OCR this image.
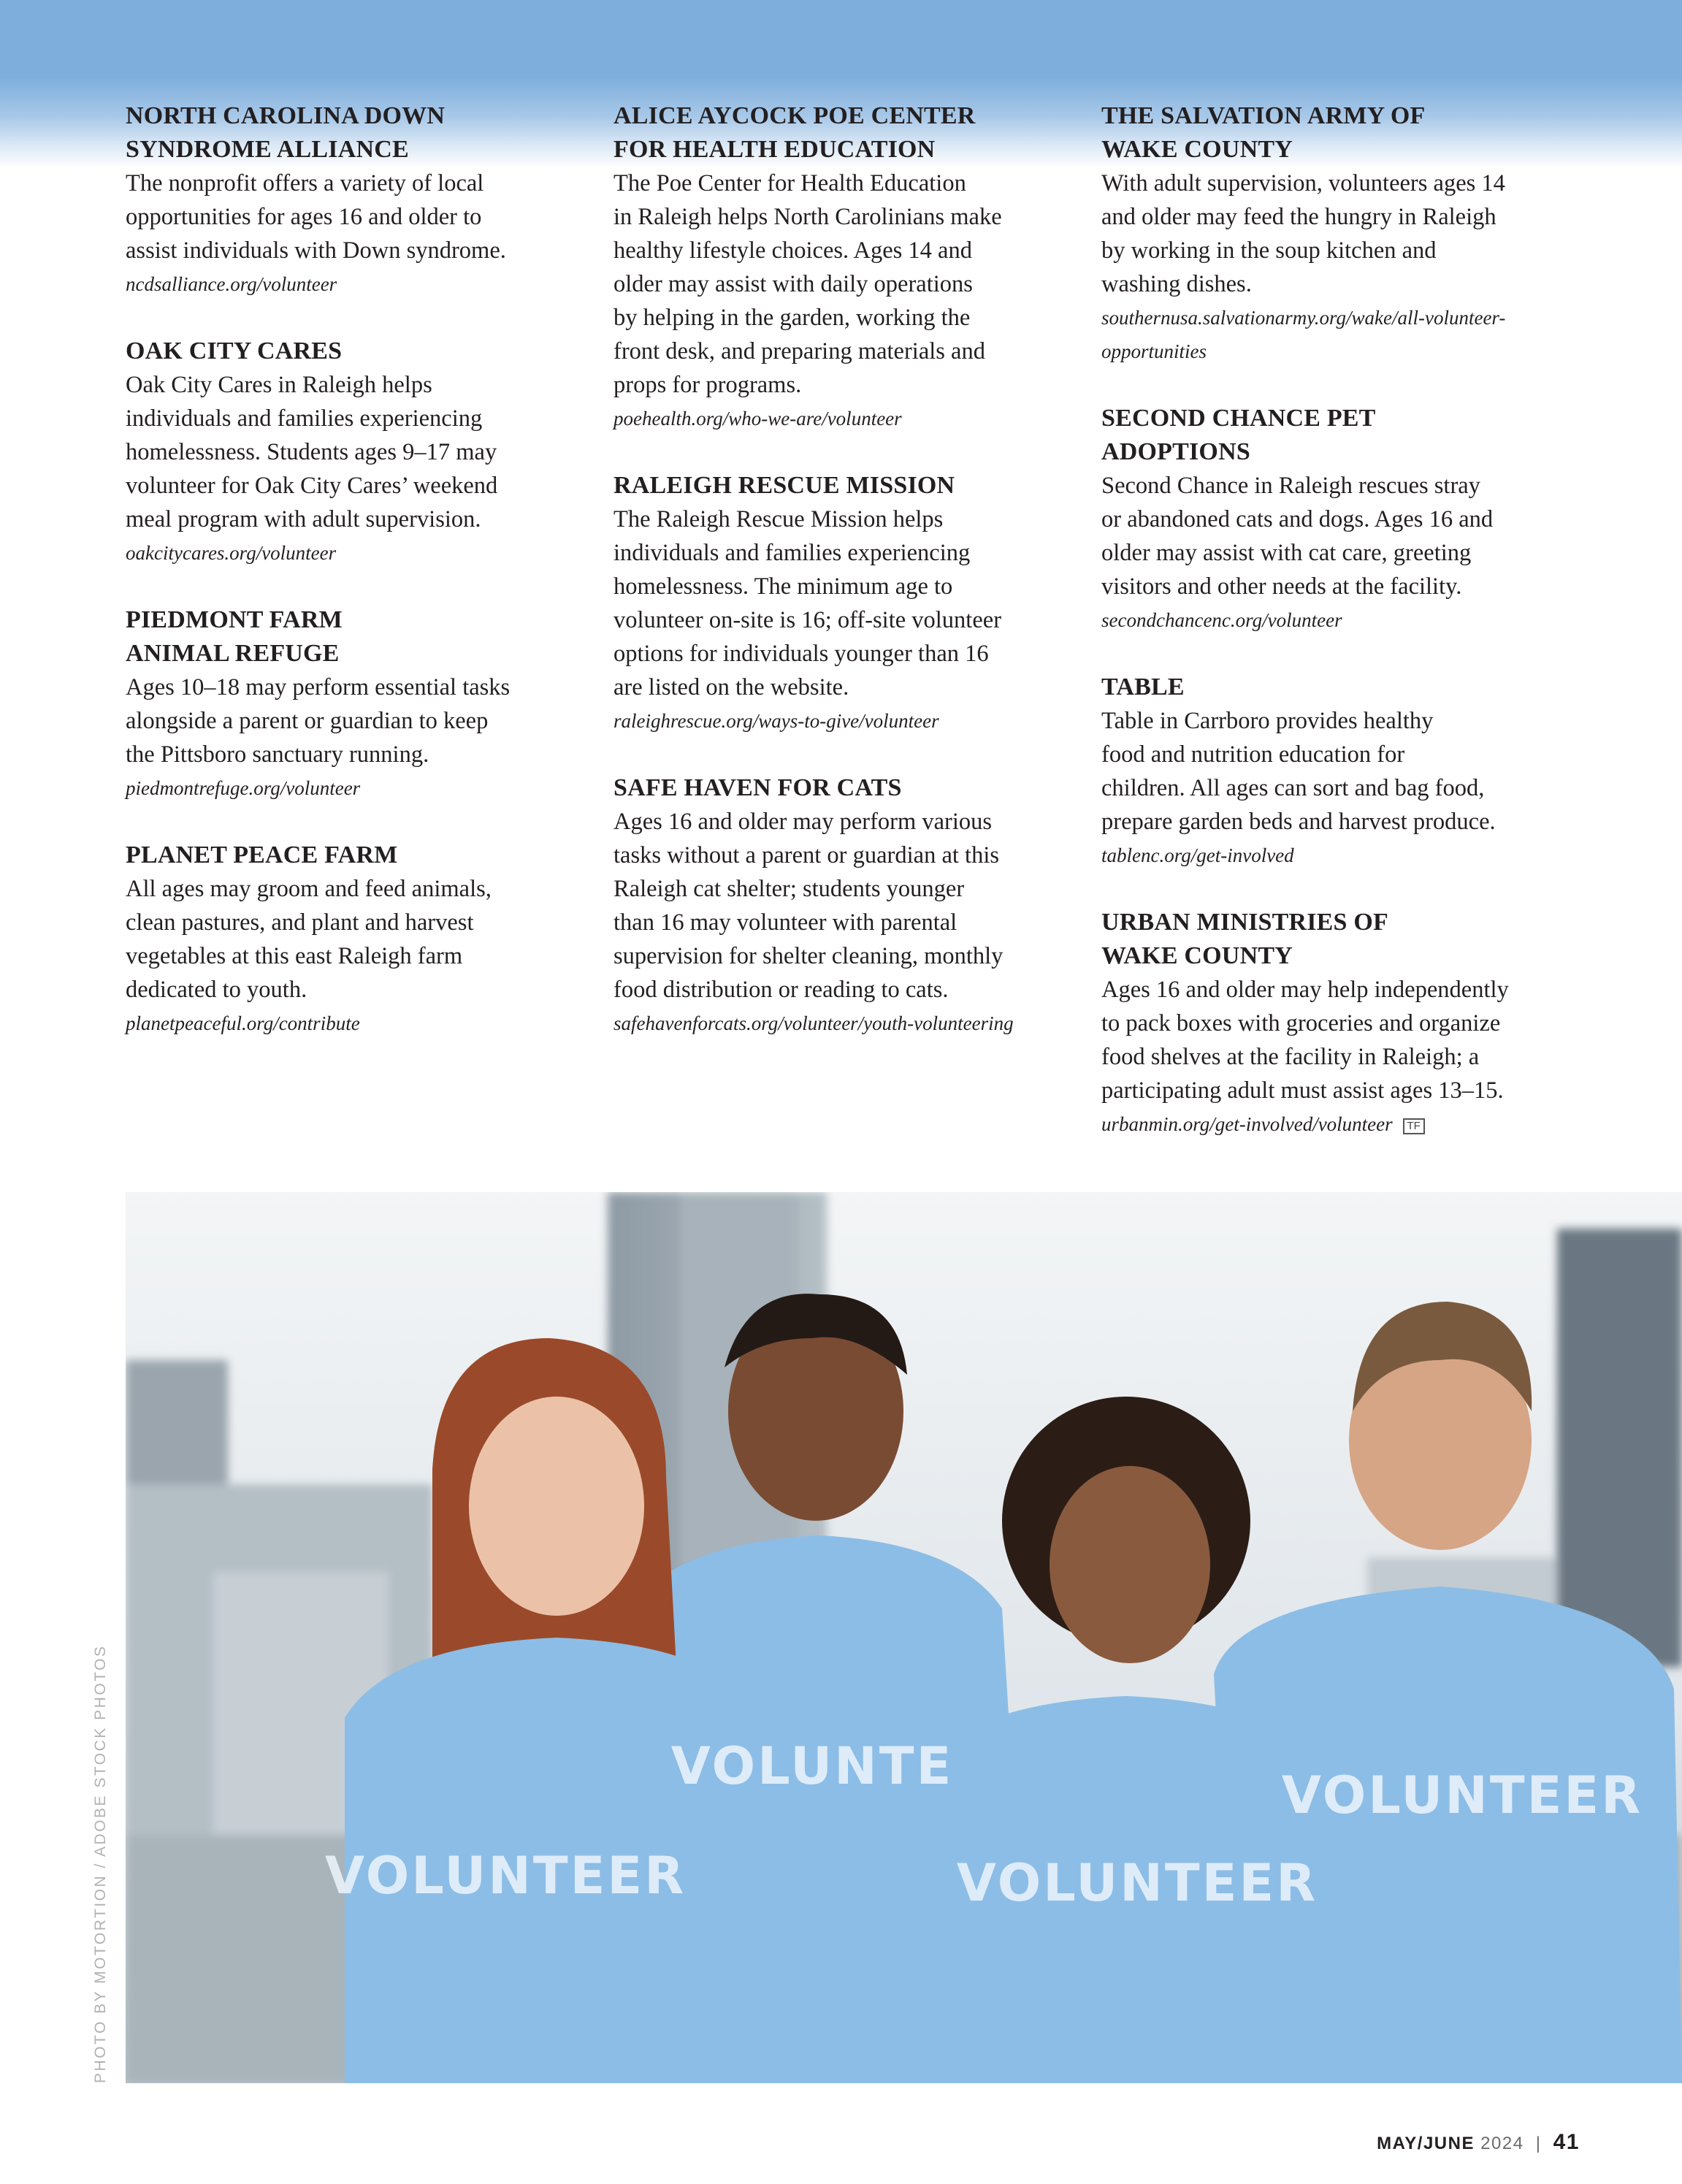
NORTH CAROLINA DOWN
SYNDROME ALLIANCE
The nonprofit offers a variety of local
opportunities for ages 16 and older to
assist individuals with Down syndrome.
ncdsalliance.org/volunteer
OAK CITY CARES
Oak City Cares in Raleigh helps
individuals and families experiencing
homelessness. Students ages 9–17 may
volunteer for Oak City Cares’ weekend
meal program with adult supervision.
oakcitycares.org/volunteer
PIEDMONT FARM
ANIMAL REFUGE
Ages 10–18 may perform essential tasks
alongside a parent or guardian to keep
the Pittsboro sanctuary running.
piedmontrefuge.org/volunteer
PLANET PEACE FARM
All ages may groom and feed animals,
clean pastures, and plant and harvest
vegetables at this east Raleigh farm
dedicated to youth.
planetpeaceful.org/contribute
ALICE AYCOCK POE CENTER
FOR HEALTH EDUCATION
The Poe Center for Health Education
in Raleigh helps North Carolinians make
healthy lifestyle choices. Ages 14 and
older may assist with daily operations
by helping in the garden, working the
front desk, and preparing materials and
props for programs.
poehealth.org/who-we-are/volunteer
RALEIGH RESCUE MISSION
The Raleigh Rescue Mission helps
individuals and families experiencing
homelessness. The minimum age to
volunteer on-site is 16; off-site volunteer
options for individuals younger than 16
are listed on the website.
raleighrescue.org/ways-to-give/volunteer
SAFE HAVEN FOR CATS
Ages 16 and older may perform various
tasks without a parent or guardian at this
Raleigh cat shelter; students younger
than 16 may volunteer with parental
supervision for shelter cleaning, monthly
food distribution or reading to cats.
safehavenforcats.org/volunteer/youth-volunteering
THE SALVATION ARMY OF
WAKE COUNTY
With adult supervision, volunteers ages 14
and older may feed the hungry in Raleigh
by working in the soup kitchen and
washing dishes.
southernusa.salvationarmy.org/wake/all-volunteer-
opportunities
SECOND CHANCE PET
ADOPTIONS
Second Chance in Raleigh rescues stray
or abandoned cats and dogs. Ages 16 and
older may assist with cat care, greeting
visitors and other needs at the facility.
secondchancenc.org/volunteer
TABLE
Table in Carrboro provides healthy
food and nutrition education for
children. All ages can sort and bag food,
prepare garden beds and harvest produce.
tablenc.org/get-involved
URBAN MINISTRIES OF
WAKE COUNTY
Ages 16 and older may help independently
to pack boxes with groceries and organize
food shelves at the facility in Raleigh; a
participating adult must assist ages 13–15.
urbanmin.org/get-involved/volunteer TF
VOLUNTEER
VOLUNTE
VOLUNTEER
VOLUNTEER
PHOTO BY MOTORTION / ADOBE STOCK PHOTOS
MAY/JUNE 2024 | 41
